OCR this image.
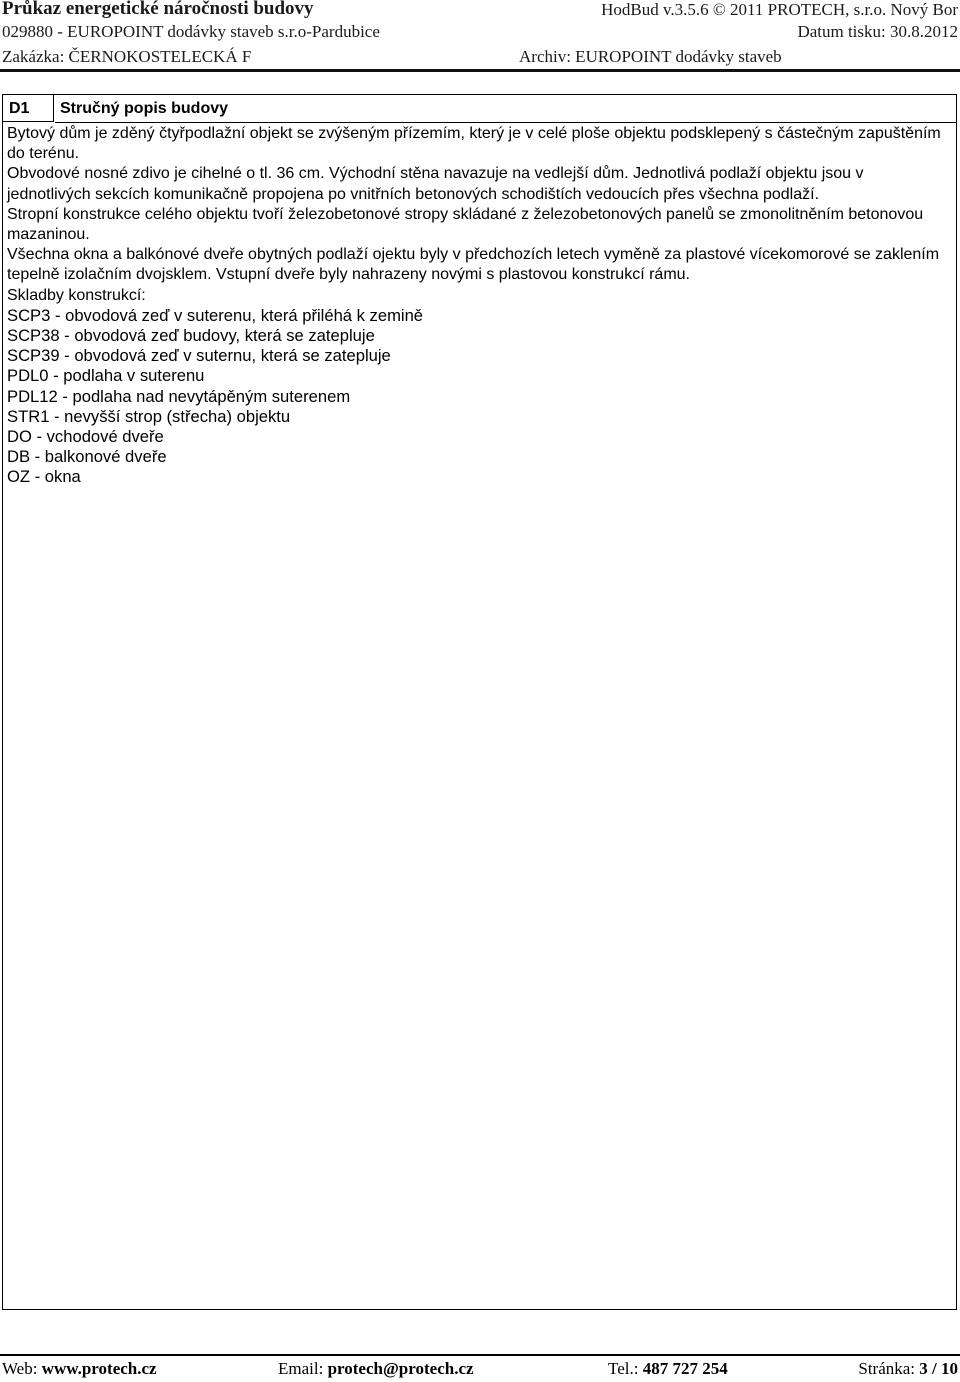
Průkaz energetické náročnosti budovy	HodBud v.3.5.6 © 2011 PROTECH, s.r.o. Nový Bor
029880 - EUROPOINT dodávky staveb s.r.o-Pardubice	Datum tisku: 30.8.2012
Zakázka: ČERNOKOSTELECKÁ F	Archiv: EUROPOINT dodávky staveb
D1	Stručný popis budovy

Bytový dům je zděný čtyřpodlažní objekt se zvýšeným přízemím, který je v celé ploše objektu podsklepený s částečným zapuštěním do terénu.

Obvodové nosné zdivo je cihelné o tl. 36 cm. Východní stěna navazuje na vedlejší dům. Jednotlivá podlaží objektu jsou v jednotlivých sekcích komunikačně propojena po vnitřních betonových schodištích vedoucích přes všechna podlaží.

Stropní konstrukce celého objektu tvoří železobetonové stropy skládané z železobetonových panelů se zmonolitněním betonovou mazaninou.

Všechna okna a balkónové dveře obytných podlaží ojektu byly v předchozích letech vyměně za plastové vícekomorové se zaklením tepelně izolačním dvojsklem. Vstupní dveře byly nahrazeny novými s plastovou konstrukcí rámu.

Skladby konstrukcí:

SCP3 - obvodová zeď v suterenu, která přiléhá k zemině

SCP38 - obvodová zeď budovy, která se zatepluje

SCP39 - obvodová zeď v suternu, která se zatepluje

PDL0 - podlaha v suterenu

PDL12 - podlaha nad nevytápěným suterenem

STR1 - nevyšší strop (střecha) objektu

DO - vchodové dveře

DB - balkonové dveře

OZ - okna

Web: www.protech.cz	Email: protech@protech.cz	Tel.: 487 727 254	Stránka: 3 / 10
